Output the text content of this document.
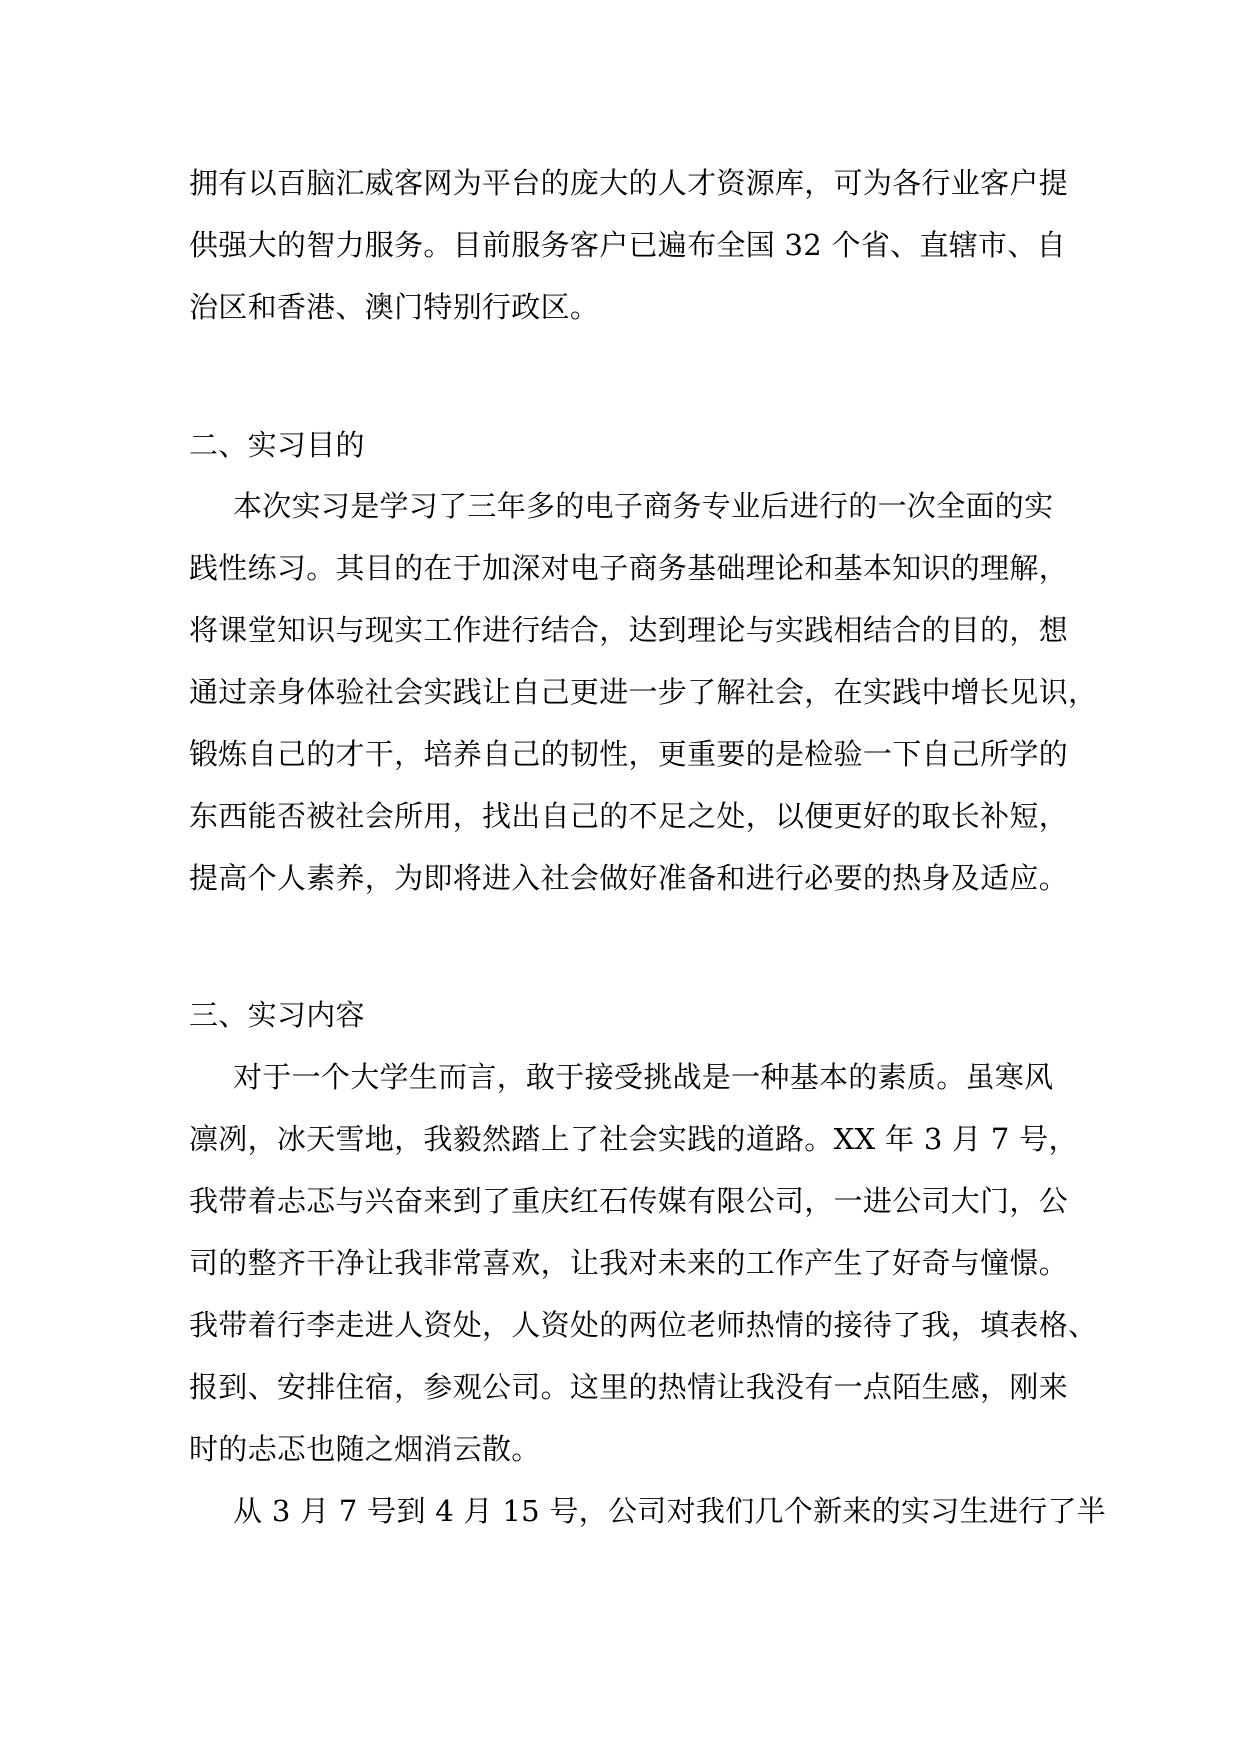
拥有以百脑汇威客网为平台的庞大的人才资源库，可为各行业客户提
供强大的智力服务。目前服务客户已遍布全国 32 个省、直辖市、自
治区和香港、澳门特别行政区。
二、实习目的
本次实习是学习了三年多的电子商务专业后进行的一次全面的实
践性练习。其目的在于加深对电子商务基础理论和基本知识的理解，
将课堂知识与现实工作进行结合，达到理论与实践相结合的目的，想
通过亲身体验社会实践让自己更进一步了解社会，在实践中增长见识，
锻炼自己的才干，培养自己的韧性，更重要的是检验一下自己所学的
东西能否被社会所用，找出自己的不足之处，以便更好的取长补短，
提高个人素养，为即将进入社会做好准备和进行必要的热身及适应。
三、实习内容
对于一个大学生而言，敢于接受挑战是一种基本的素质。虽寒风
凛冽，冰天雪地，我毅然踏上了社会实践的道路。XX 年 3 月 7 号，
我带着忐忑与兴奋来到了重庆红石传媒有限公司，一进公司大门，公
司的整齐干净让我非常喜欢，让我对未来的工作产生了好奇与憧憬。
我带着行李走进人资处，人资处的两位老师热情的接待了我，填表格、
报到、安排住宿，参观公司。这里的热情让我没有一点陌生感，刚来
时的忐忑也随之烟消云散。
从 3 月 7 号到 4 月 15 号，公司对我们几个新来的实习生进行了半
